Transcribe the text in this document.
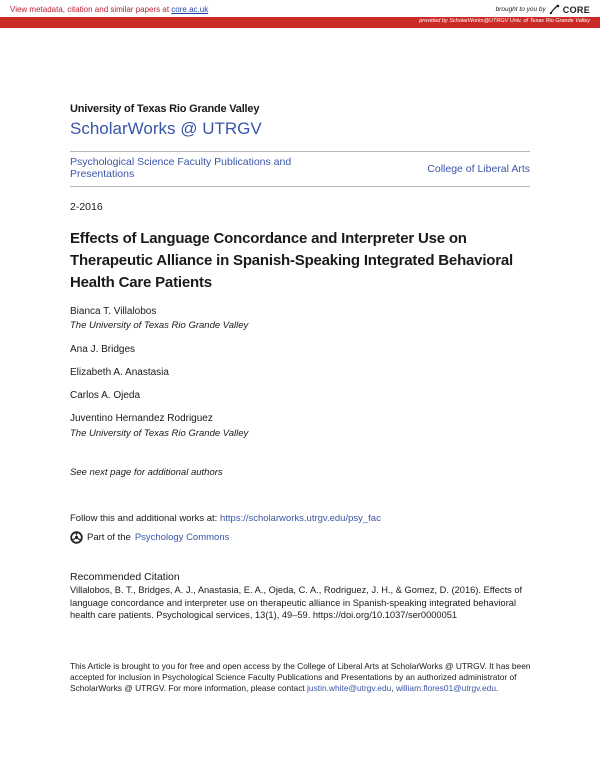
View metadata, citation and similar papers at core.ac.uk	brought to you by CORE
provided by ScholarWorks@UTRGV Univ. of Texas Rio Grande Valley
University of Texas Rio Grande Valley
ScholarWorks @ UTRGV
Psychological Science Faculty Publications and Presentations	College of Liberal Arts
2-2016
Effects of Language Concordance and Interpreter Use on Therapeutic Alliance in Spanish-Speaking Integrated Behavioral Health Care Patients
Bianca T. Villalobos
The University of Texas Rio Grande Valley
Ana J. Bridges
Elizabeth A. Anastasia
Carlos A. Ojeda
Juventino Hernandez Rodriguez
The University of Texas Rio Grande Valley
See next page for additional authors
Follow this and additional works at: https://scholarworks.utrgv.edu/psy_fac
Part of the Psychology Commons
Recommended Citation
Villalobos, B. T., Bridges, A. J., Anastasia, E. A., Ojeda, C. A., Rodriguez, J. H., & Gomez, D. (2016). Effects of language concordance and interpreter use on therapeutic alliance in Spanish-speaking integrated behavioral health care patients. Psychological services, 13(1), 49–59. https://doi.org/10.1037/ser0000051
This Article is brought to you for free and open access by the College of Liberal Arts at ScholarWorks @ UTRGV. It has been accepted for inclusion in Psychological Science Faculty Publications and Presentations by an authorized administrator of ScholarWorks @ UTRGV. For more information, please contact justin.white@utrgv.edu, william.flores01@utrgv.edu.
